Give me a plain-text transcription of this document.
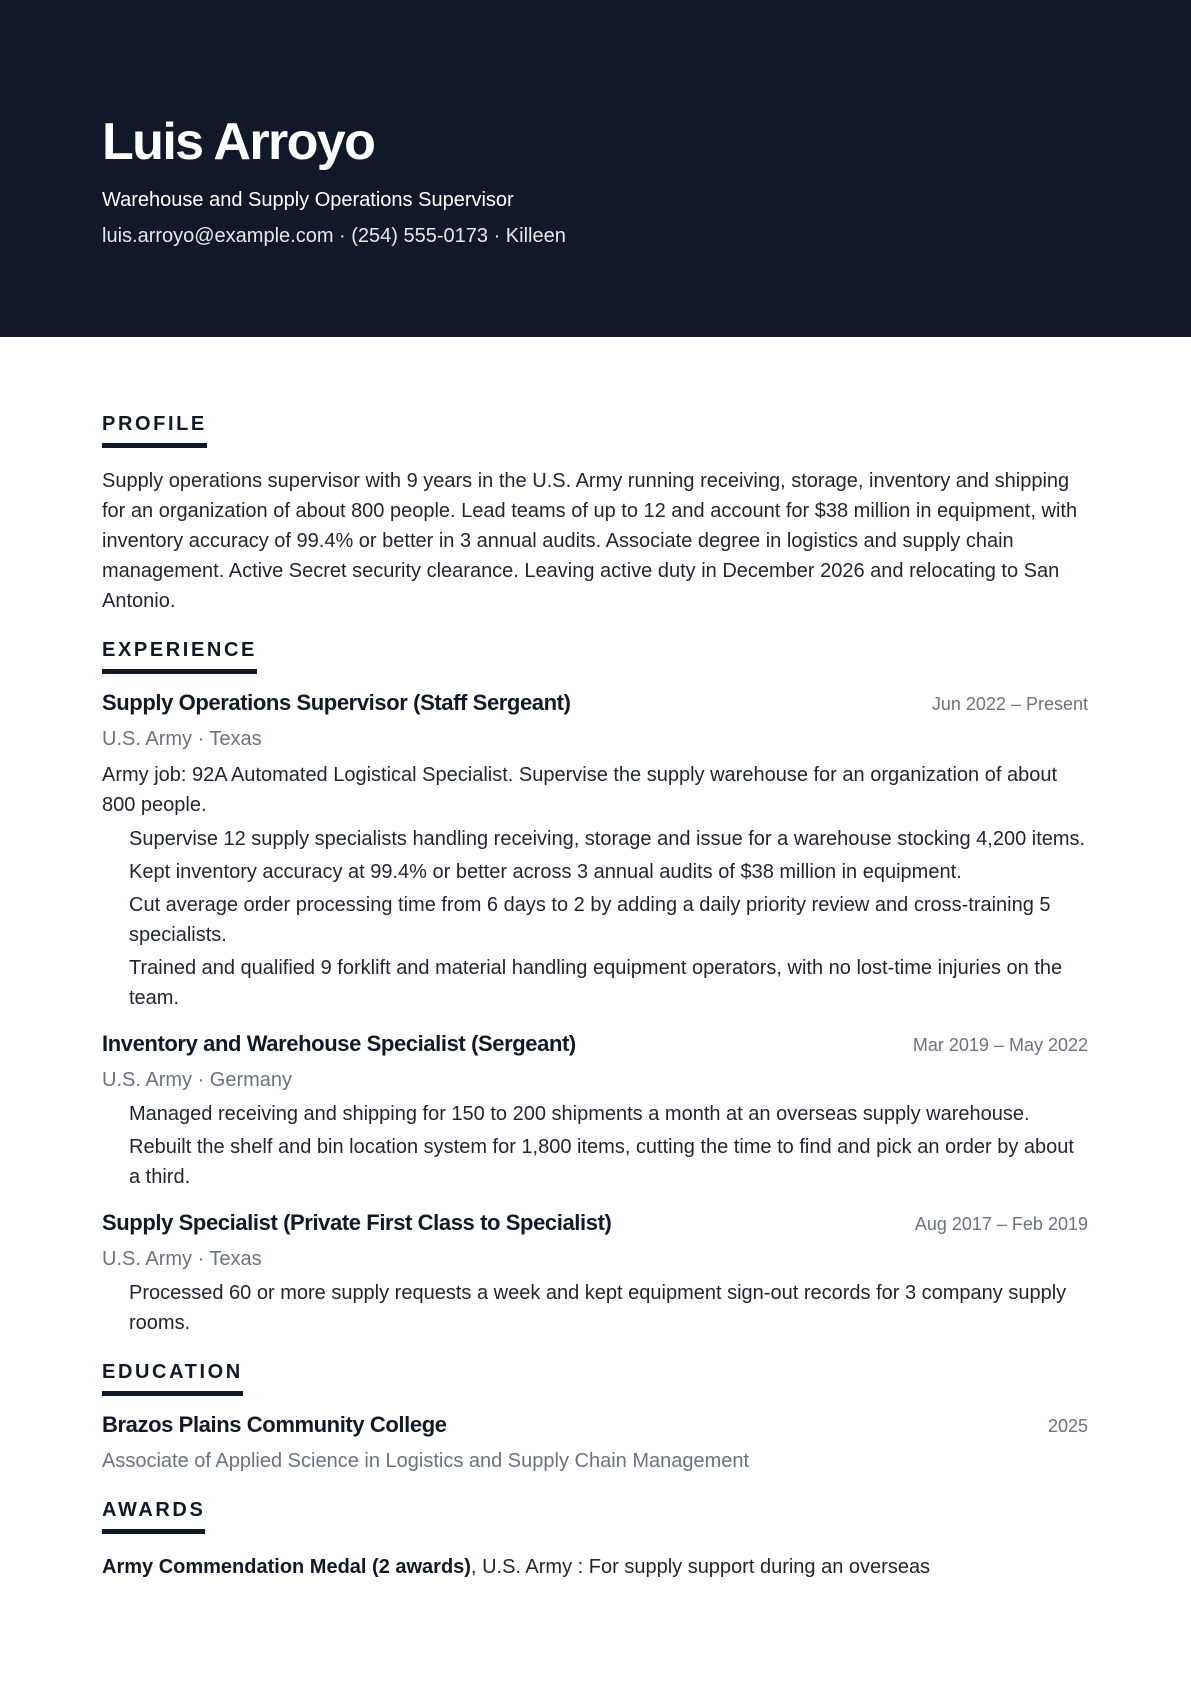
Luis Arroyo
Warehouse and Supply Operations Supervisor
luis.arroyo@example.com · (254) 555-0173 · Killeen
PROFILE

Supply operations supervisor with 9 years in the U.S. Army running receiving, storage, inventory and shipping for an organization of about 800 people. Lead teams of up to 12 and account for $38 million in equipment, with inventory accuracy of 99.4% or better in 3 annual audits. Associate degree in logistics and supply chain management. Active Secret security clearance. Leaving active duty in December 2026 and relocating to San Antonio.

EXPERIENCE
Supply Operations Supervisor (Staff Sergeant)	Jun 2022 – Present
U.S. Army · Texas
Army job: 92A Automated Logistical Specialist. Supervise the supply warehouse for an organization of about 800 people.
Supervise 12 supply specialists handling receiving, storage and issue for a warehouse stocking 4,200 items.
Kept inventory accuracy at 99.4% or better across 3 annual audits of $38 million in equipment.
Cut average order processing time from 6 days to 2 by adding a daily priority review and cross-training 5 specialists.
Trained and qualified 9 forklift and material handling equipment operators, with no lost-time injuries on the team.
Inventory and Warehouse Specialist (Sergeant)	Mar 2019 – May 2022
U.S. Army · Germany
Managed receiving and shipping for 150 to 200 shipments a month at an overseas supply warehouse.
Rebuilt the shelf and bin location system for 1,800 items, cutting the time to find and pick an order by about a third.
Supply Specialist (Private First Class to Specialist)	Aug 2017 – Feb 2019
U.S. Army · Texas
Processed 60 or more supply requests a week and kept equipment sign-out records for 3 company supply rooms.
EDUCATION
Brazos Plains Community College	2025
Associate of Applied Science in Logistics and Supply Chain Management
AWARDS
Army Commendation Medal (2 awards), U.S. Army : For supply support during an overseas
